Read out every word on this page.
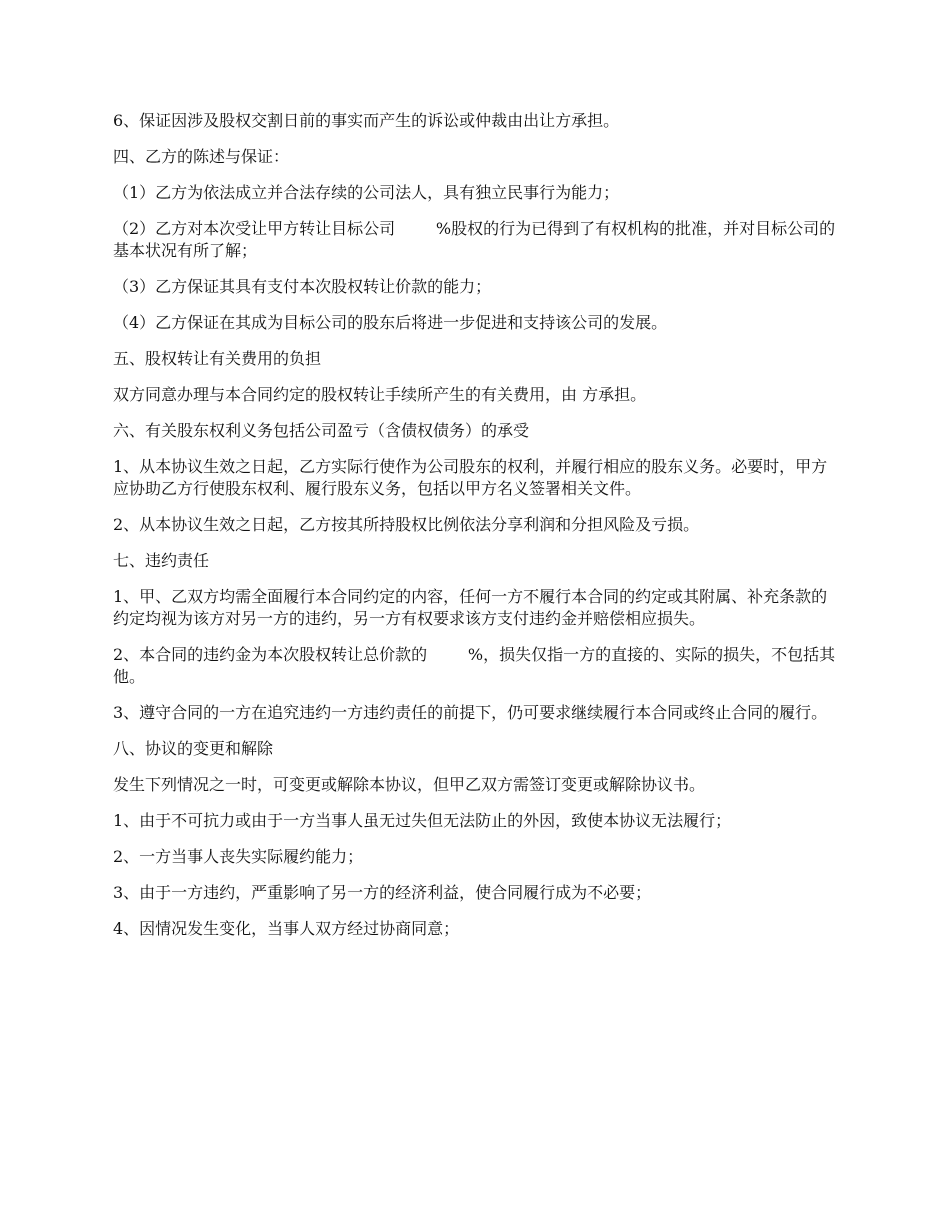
6、保证因涉及股权交割日前的事实而产生的诉讼或仲裁由出让方承担。

四、乙方的陈述与保证：

（1）乙方为依法成立并合法存续的公司法人，具有独立民事行为能力；

（2）乙方对本次受让甲方转让目标公司        %股权的行为已得到了有权机构的批准，并对目标公司的基本状况有所了解；

（3）乙方保证其具有支付本次股权转让价款的能力；

（4）乙方保证在其成为目标公司的股东后将进一步促进和支持该公司的发展。

五、股权转让有关费用的负担

双方同意办理与本合同约定的股权转让手续所产生的有关费用，由 方承担。

六、有关股东权利义务包括公司盈亏（含债权债务）的承受

1、从本协议生效之日起，乙方实际行使作为公司股东的权利，并履行相应的股东义务。必要时，甲方应协助乙方行使股东权利、履行股东义务，包括以甲方名义签署相关文件。

2、从本协议生效之日起，乙方按其所持股权比例依法分享利润和分担风险及亏损。

七、违约责任

1、甲、乙双方均需全面履行本合同约定的内容，任何一方不履行本合同的约定或其附属、补充条款的约定均视为该方对另一方的违约，另一方有权要求该方支付违约金并赔偿相应损失。

2、本合同的违约金为本次股权转让总价款的        %，损失仅指一方的直接的、实际的损失，不包括其他。

3、遵守合同的一方在追究违约一方违约责任的前提下，仍可要求继续履行本合同或终止合同的履行。

八、协议的变更和解除

发生下列情况之一时，可变更或解除本协议，但甲乙双方需签订变更或解除协议书。

1、由于不可抗力或由于一方当事人虽无过失但无法防止的外因，致使本协议无法履行；

2、一方当事人丧失实际履约能力；

3、由于一方违约，严重影响了另一方的经济利益，使合同履行成为不必要；

4、因情况发生变化，当事人双方经过协商同意；
